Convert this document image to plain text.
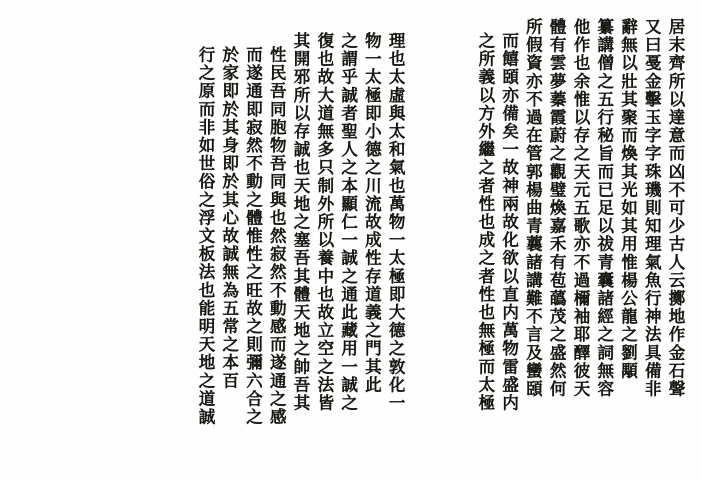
居末齊所以達意而凶不可少古人云擲地作金石聲
又曰戞金擊玉字字珠璣則知理氣魚行神法具備非
辭無以壯其聚而煥其光如其用惟楊公龍之劉顒
纂講僧之五行秘旨而已足以祓青囊諸經之詞無容
他作也余惟以存之天元五歌亦不過檷袖耶醳彼天
體有雲夢蓁霞蔚之觀璧煥嘉禾有苞蘤茂之盛然何
所假資亦不過在管郭楊曲青蘘諸講難不言及蠻頣
而饎頣亦備矣一故神兩故化欲以直内萬物雷盛内
之所義以方外繼之者性也成之者性也無極而太極
理也太虛與太和氣也萬物一太極即大德之敦化一
物一太極即小德之川流故成性存道義之門其此
之謂乎誠者聖人之本顯仁一誠之通此藏用一誠之
復也故大道無多只制外所以養中也故立空之法皆
其開邪所以存誠也天地之塞吾其體天地之帥吾其
性民吾同胞物吾同與也然寂然不動感而遂通之感
而遂通即寂然不動之體惟性之旺故之則彌六合之
於家即於其身即於其心故誠無為五常之本百
行之原而非如世俗之浮文板法也能明天地之道誠
